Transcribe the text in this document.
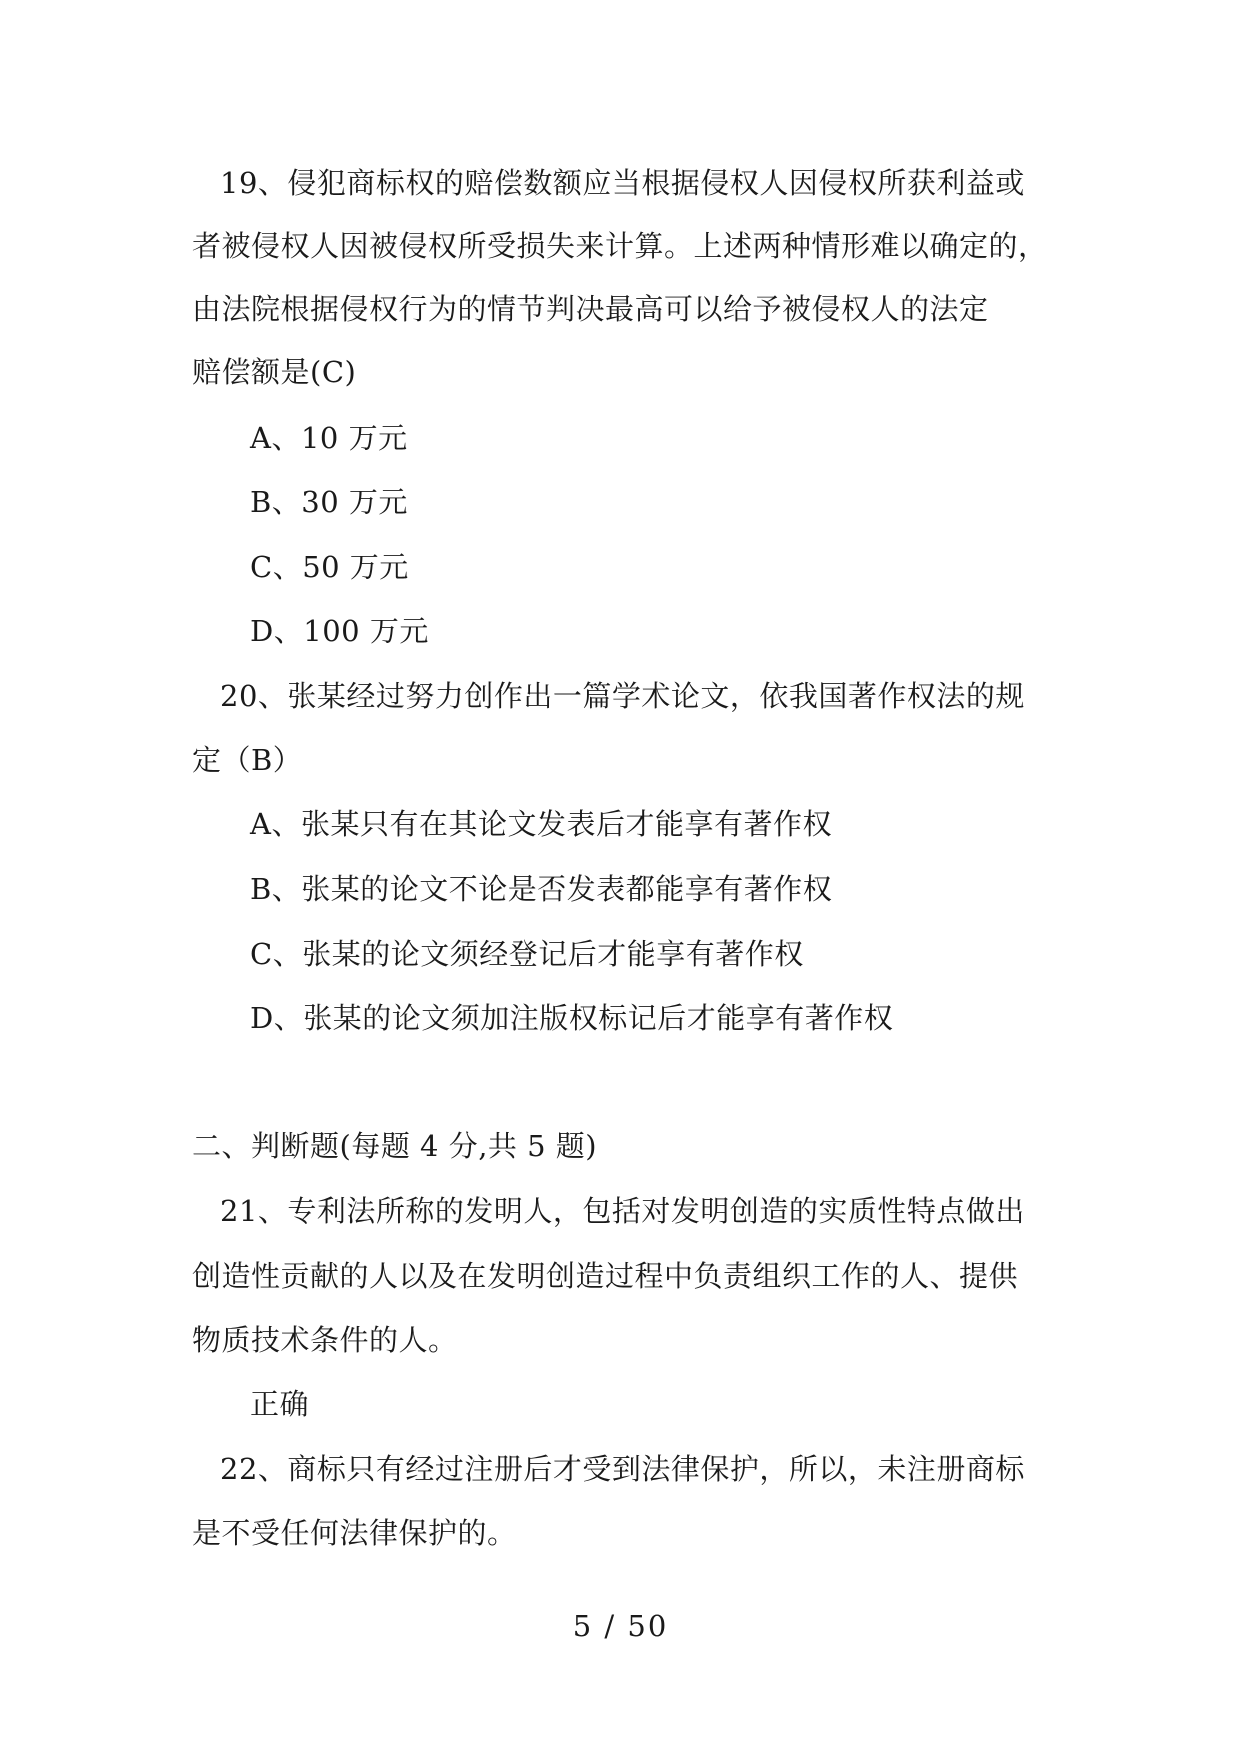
19、侵犯商标权的赔偿数额应当根据侵权人因侵权所获利益或
者被侵权人因被侵权所受损失来计算。上述两种情形难以确定的，
由法院根据侵权行为的情节判决最高可以给予被侵权人的法定
赔偿额是(C)
A、10 万元
B、30 万元
C、50 万元
D、100 万元
20、张某经过努力创作出一篇学术论文，依我国著作权法的规
定（B）
A、张某只有在其论文发表后才能享有著作权
B、张某的论文不论是否发表都能享有著作权
C、张某的论文须经登记后才能享有著作权
D、张某的论文须加注版权标记后才能享有著作权
二、判断题(每题 4 分,共 5 题)
21、专利法所称的发明人，包括对发明创造的实质性特点做出
创造性贡献的人以及在发明创造过程中负责组织工作的人、提供
物质技术条件的人。
正确
22、商标只有经过注册后才受到法律保护，所以，未注册商标
是不受任何法律保护的。
5 / 50
